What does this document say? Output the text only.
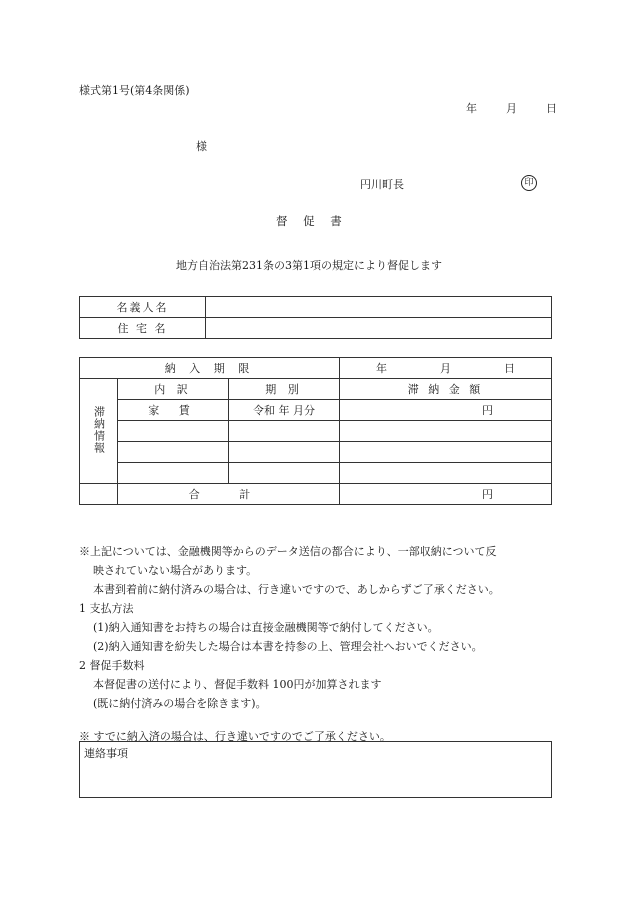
様式第1号(第4条関係)
年	月	日
様
円川町長	印
督 促 書
地方自治法第231条の3第1項の規定により督促します
名義人名	
住 宅 名	
納 入 期 限			年 月 日
滞納情報	内 訳	期 別	滞 納 金 額
	家 賃	令和 年 月分	円

	合 計		円
※上記については、金融機関等からのデータ送信の都合により、一部収納について反
映されていない場合があります。
本書到着前に納付済みの場合は、行き違いですので、あしからずご了承ください。
1 支払方法
(1)納入通知書をお持ちの場合は直接金融機関等で納付してください。
(2)納入通知書を紛失した場合は本書を持参の上、管理会社へおいでください。
2 督促手数料
本督促書の送付により、督促手数料 100円が加算されます
(既に納付済みの場合を除きます)。
※ すでに納入済の場合は、行き違いですのでご了承ください。
連絡事項
